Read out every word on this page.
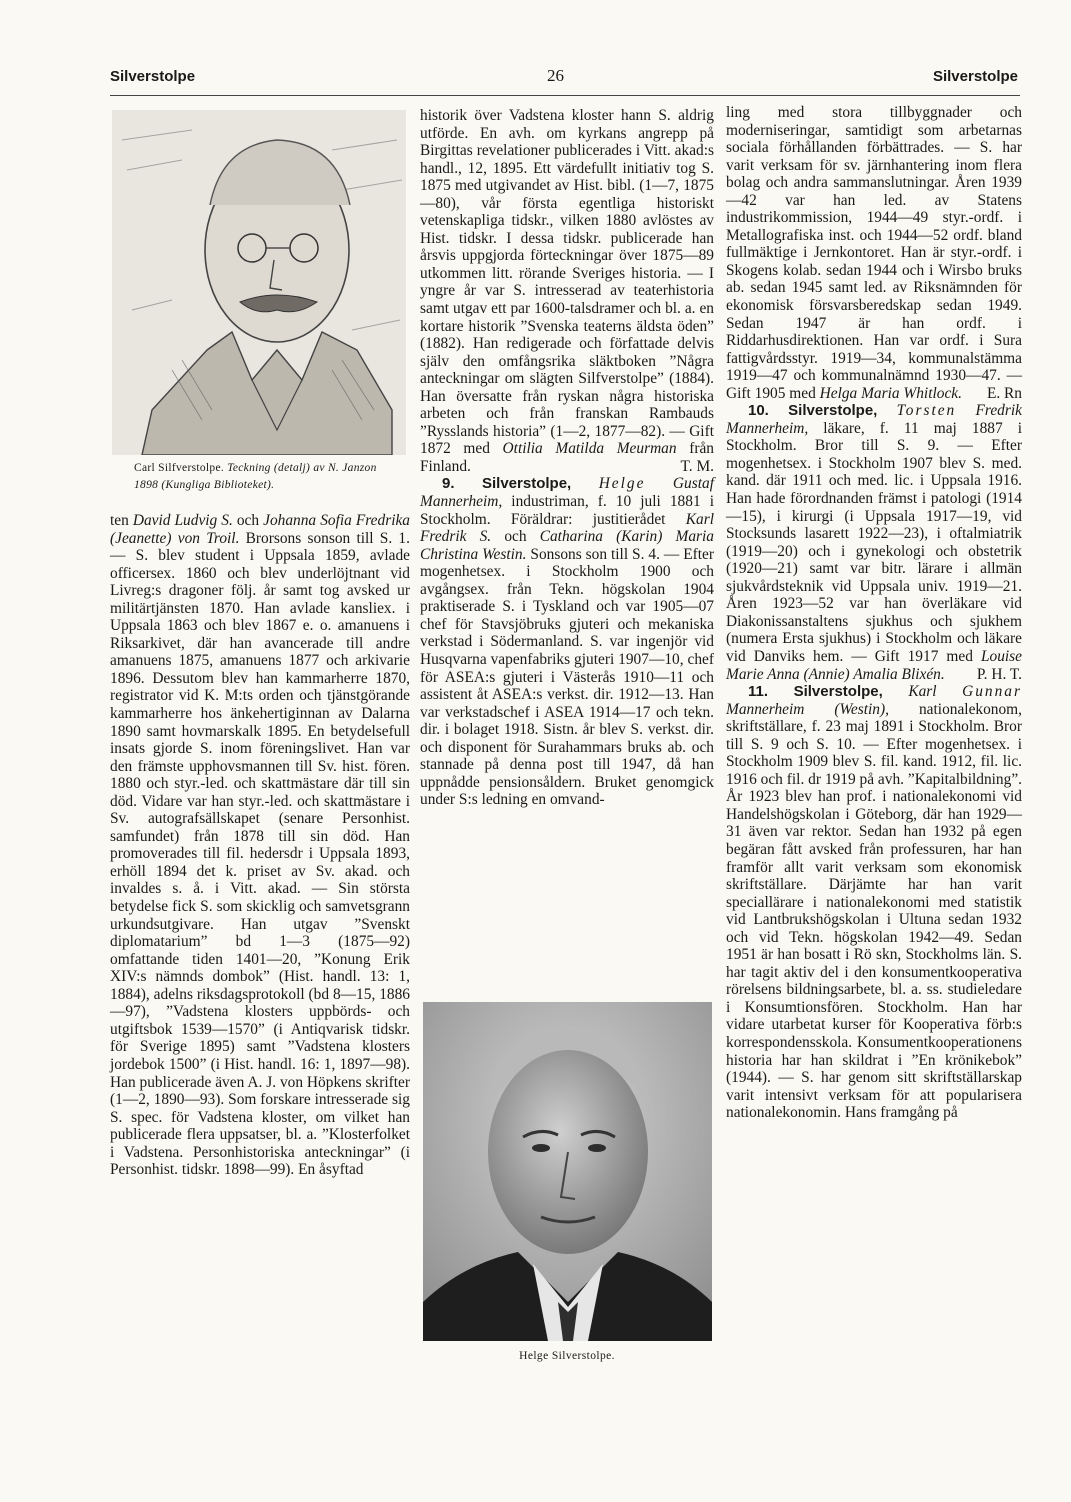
Silverstolpe	26	Silverstolpe
Carl Silfverstolpe. Teckning (detalj) av N. Janzon 1898 (Kungliga Biblioteket).

ten David Ludvig S. och Johanna Sofia Fredrika (Jeanette) von Troil. Brorsons sonson till S. 1. — S. blev student i Uppsala 1859, avlade officersex. 1860 och blev underlöjtnant vid Livreg:s dragoner följ. år samt tog avsked ur militärtjänsten 1870. Han avlade kansliex. i Uppsala 1863 och blev 1867 e. o. amanuens i Riksarkivet, där han avancerade till andre amanuens 1875, amanuens 1877 och arkivarie 1896. Dessutom blev han kammarherre 1870, registrator vid K. M:ts orden och tjänstgörande kammarherre hos änkehertiginnan av Dalarna 1890 samt hovmarskalk 1895. En betydelsefull insats gjorde S. inom föreningslivet. Han var den främste upphovsmannen till Sv. hist. fören. 1880 och styr.-led. och skattmästare där till sin död. Vidare var han styr.-led. och skattmästare i Sv. autografsällskapet (senare Personhist. samfundet) från 1878 till sin död. Han promoverades till fil. hedersdr i Uppsala 1893, erhöll 1894 det k. priset av Sv. akad. och invaldes s. å. i Vitt. akad. — Sin största betydelse fick S. som skicklig och samvetsgrann urkundsutgivare. Han utgav ”Svenskt diplomatarium” bd 1—3 (1875—92) omfattande tiden 1401—20, ”Konung Erik XIV:s nämnds dombok” (Hist. handl. 13: 1, 1884), adelns riksdagsprotokoll (bd 8—15, 1886—97), ”Vadstena klosters uppbörds- och utgiftsbok 1539—1570” (i Antiqvarisk tidskr. för Sverige 1895) samt ”Vadstena klosters jordebok 1500” (i Hist. handl. 16: 1, 1897—98). Han publicerade även A. J. von Höpkens skrifter (1—2, 1890—93). Som forskare intresserade sig S. spec. för Vadstena kloster, om vilket han publicerade flera uppsatser, bl. a. ”Klosterfolket i Vadstena. Personhistoriska anteckningar” (i Personhist. tidskr. 1898—99). En åsyftad

historik över Vadstena kloster hann S. aldrig utförde. En avh. om kyrkans angrepp på Birgittas revelationer publicerades i Vitt. akad:s handl., 12, 1895. Ett värdefullt initiativ tog S. 1875 med utgivandet av Hist. bibl. (1—7, 1875—80), vår första egentliga historiskt vetenskapliga tidskr., vilken 1880 avlöstes av Hist. tidskr. I dessa tidskr. publicerade han årsvis uppgjorda förteckningar över 1875—89 utkommen litt. rörande Sveriges historia. — I yngre år var S. intresserad av teaterhistoria samt utgav ett par 1600-talsdramer och bl. a. en kortare historik ”Svenska teaterns äldsta öden” (1882). Han redigerade och författade delvis själv den omfångsrika släktboken ”Några anteckningar om slägten Silfverstolpe” (1884). Han översatte från ryskan några historiska arbeten och från franskan Rambauds ”Rysslands historia” (1—2, 1877—82). — Gift 1872 med Ottilia Matilda Meurman från Finland.	T. M.

9. Silverstolpe, Helge Gustaf Mannerheim, industriman, f. 10 juli 1881 i Stockholm. Föräldrar: justitierådet Karl Fredrik S. och Catharina (Karin) Maria Christina Westin. Sonsons son till S. 4. — Efter mogenhetsex. i Stockholm 1900 och avgångsex. från Tekn. högskolan 1904 praktiserade S. i Tyskland och var 1905—07 chef för Stavsjöbruks gjuteri och mekaniska verkstad i Södermanland. S. var ingenjör vid Husqvarna vapenfabriks gjuteri 1907—10, chef för ASEA:s gjuteri i Västerås 1910—11 och assistent åt ASEA:s verkst. dir. 1912—13. Han var verkstadschef i ASEA 1914—17 och tekn. dir. i bolaget 1918. Sistn. år blev S. verkst. dir. och disponent för Surahammars bruks ab. och stannade på denna post till 1947, då han uppnådde pensionsåldern. Bruket genomgick under S:s ledning en omvand-

Helge Silverstolpe.

ling med stora tillbyggnader och moderniseringar, samtidigt som arbetarnas sociala förhållanden förbättrades. — S. har varit verksam för sv. järnhantering inom flera bolag och andra sammanslutningar. Åren 1939—42 var han led. av Statens industrikommission, 1944—49 styr.-ordf. i Metallografiska inst. och 1944—52 ordf. bland fullmäktige i Jernkontoret. Han är styr.-ordf. i Skogens kolab. sedan 1944 och i Wirsbo bruks ab. sedan 1945 samt led. av Riksnämnden för ekonomisk försvarsberedskap sedan 1949. Sedan 1947 är han ordf. i Riddarhusdirektionen. Han var ordf. i Sura fattigvårdsstyr. 1919—34, kommunalstämma 1919—47 och kommunalnämnd 1930—47. — Gift 1905 med Helga Maria Whitlock. E. Rn

10. Silverstolpe, Torsten Fredrik Mannerheim, läkare, f. 11 maj 1887 i Stockholm. Bror till S. 9. — Efter mogenhetsex. i Stockholm 1907 blev S. med. kand. där 1911 och med. lic. i Uppsala 1916. Han hade förordnanden främst i patologi (1914—15), i kirurgi (i Uppsala 1917—19, vid Stocksunds lasarett 1922—23), i oftalmiatrik (1919—20) och i gynekologi och obstetrik (1920—21) samt var bitr. lärare i allmän sjukvårdsteknik vid Uppsala univ. 1919—21. Åren 1923—52 var han överläkare vid Diakonissanstaltens sjukhus och sjukhem (numera Ersta sjukhus) i Stockholm och läkare vid Danviks hem. — Gift 1917 med Louise Marie Anna (Annie) Amalia Blixén.	P. H. T.

11. Silverstolpe, Karl Gunnar Mannerheim (Westin), nationalekonom, skriftställare, f. 23 maj 1891 i Stockholm. Bror till S. 9 och S. 10. — Efter mogenhetsex. i Stockholm 1909 blev S. fil. kand. 1912, fil. lic. 1916 och fil. dr 1919 på avh. ”Kapitalbildning”. År 1923 blev han prof. i nationalekonomi vid Handelshögskolan i Göteborg, där han 1929—31 även var rektor. Sedan han 1932 på egen begäran fått avsked från professuren, har han framför allt varit verksam som ekonomisk skriftställare. Därjämte har han varit speciallärare i nationalekonomi med statistik vid Lantbrukshögskolan i Ultuna sedan 1932 och vid Tekn. högskolan 1942—49. Sedan 1951 är han bosatt i Rö skn, Stockholms län. S. har tagit aktiv del i den konsumentkooperativa rörelsens bildningsarbete, bl. a. ss. studieledare i Konsumtionsfören. Stockholm. Han har vidare utarbetat kurser för Kooperativa förb:s korrespondensskola. Konsumentkooperationens historia har han skildrat i ”En krönikebok” (1944). — S. har genom sitt skriftställarskap varit intensivt verksam för att popularisera nationalekonomin. Hans framgång på
